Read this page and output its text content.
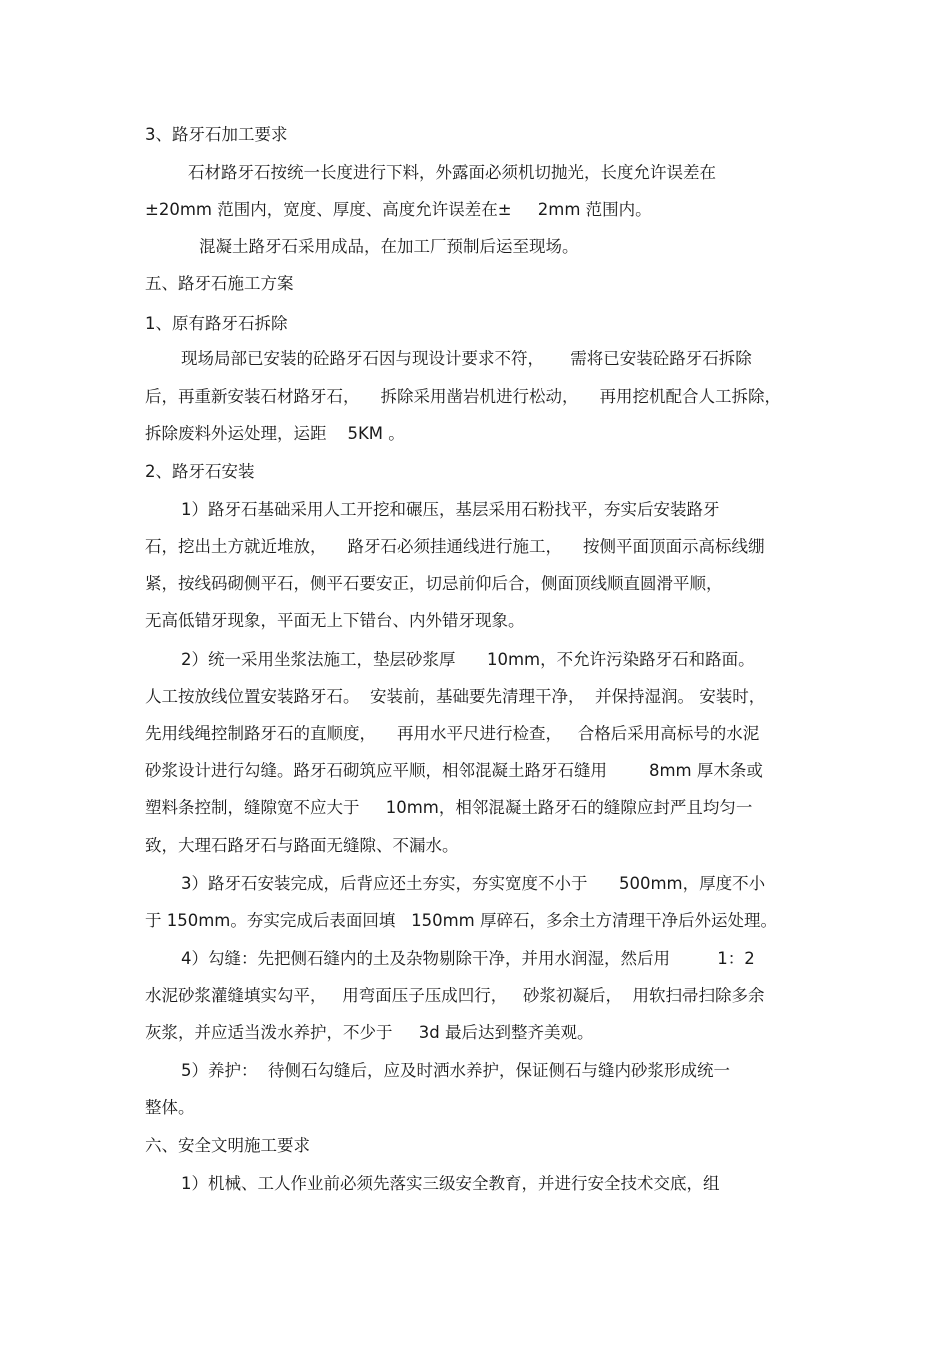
3、路牙石加工要求

石材路牙石按统一长度进行下料，外露面必须机切抛光，长度允许误差在

±20mm 范围内，宽度、厚度、高度允许误差在±     2mm 范围内。

混凝土路牙石采用成品，在加工厂预制后运至现场。

五、路牙石施工方案

1、原有路牙石拆除

现场局部已安装的砼路牙石因与现设计要求不符，     需将已安装砼路牙石拆除

后，再重新安装石材路牙石，    拆除采用凿岩机进行松动，    再用挖机配合人工拆除，

拆除废料外运处理，运距    5KM 。

2、路牙石安装

1）路牙石基础采用人工开挖和碾压，基层采用石粉找平，夯实后安装路牙

石，挖出土方就近堆放，    路牙石必须挂通线进行施工，    按侧平面顶面示高标线绷

紧，按线码砌侧平石，侧平石要安正，切忌前仰后合，侧面顶线顺直圆滑平顺，

无高低错牙现象，平面无上下错台、内外错牙现象。

2）统一采用坐浆法施工，垫层砂浆厚      10mm，不允许污染路牙石和路面。

人工按放线位置安装路牙石。  安装前，基础要先清理干净，  并保持湿润。 安装时，

先用线绳控制路牙石的直顺度，    再用水平尺进行检查，   合格后采用高标号的水泥

砂浆设计进行勾缝。路牙石砌筑应平顺，相邻混凝土路牙石缝用        8mm 厚木条或

塑料条控制，缝隙宽不应大于     10mm，相邻混凝土路牙石的缝隙应封严且均匀一

致，大理石路牙石与路面无缝隙、不漏水。

3）路牙石安装完成，后背应还土夯实，夯实宽度不小于      500mm，厚度不小

于 150mm。夯实完成后表面回填   150mm 厚碎石，多余土方清理干净后外运处理。

4）勾缝：先把侧石缝内的土及杂物剔除干净，并用水润湿，然后用         1：2

水泥砂浆灌缝填实勾平，   用弯面压子压成凹行，   砂浆初凝后，  用软扫帚扫除多余

灰浆，并应适当泼水养护，不少于     3d 最后达到整齐美观。

5）养护：  待侧石勾缝后，应及时洒水养护，保证侧石与缝内砂浆形成统一

整体。

六、安全文明施工要求

1）机械、工人作业前必须先落实三级安全教育，并进行安全技术交底，组
